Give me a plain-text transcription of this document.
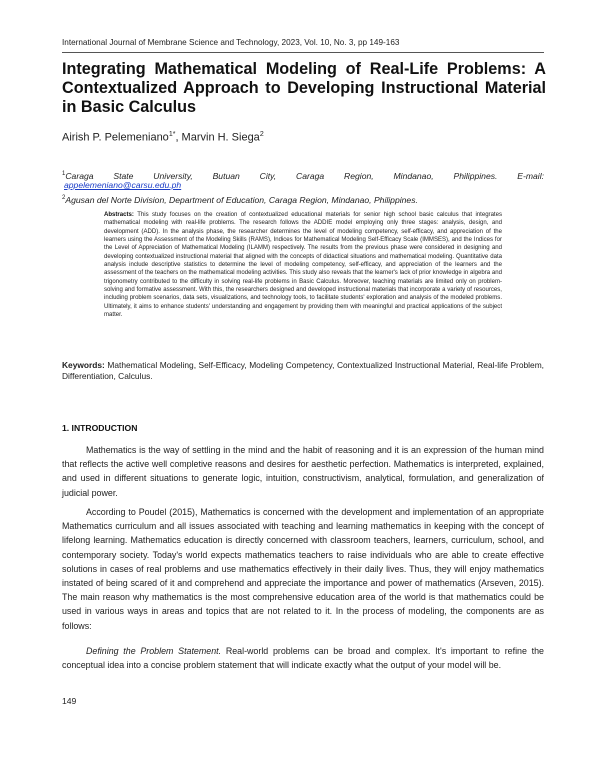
International Journal of Membrane Science and Technology, 2023, Vol. 10, No. 3, pp 149-163
Integrating Mathematical Modeling of Real-Life Problems: A Contextualized Approach to Developing Instructional Material in Basic Calculus
Airish P. Pelemeniano$^{1*}$, Marvin H. Siega$^2$
$^1$Caraga State University, Butuan City, Caraga Region, Mindanao, Philippines. E-mail:
appelemeniano@carsu.edu.ph
$^2$Agusan del Norte Division, Department of Education, Caraga Region, Mindanao, Philippines.
Abstracts: This study focuses on the creation of contextualized educational materials for senior high school basic calculus that integrates mathematical modeling with real-life problems. The research follows the ADDIE model employing only three stages: analysis, design, and development (ADD). In the analysis phase, the researcher determines the level of modeling competency, self-efficacy, and appreciation of the learners using the Assessment of the Modeling Skills (RAMS), Indices for Mathematical Modeling Self-Efficacy Scale (IMMSES), and the Indices for the Level of Appreciation of Mathematical Modeling (ILAMM) respectively. The results from the previous phase were considered in designing and developing contextualized instructional material that aligned with the concepts of didactical situations and mathematical modeling. Quantitative data analysis include descriptive statistics to determine the level of modeling competency, self-efficacy, and appreciation of the learners and the assessment of the teachers on the mathematical modeling activities. This study also reveals that the learner's lack of prior knowledge in algebra and trigonometry contributed to the difficulty in solving real-life problems in Basic Calculus. Moreover, teaching materials are limited only on problem-solving and formative assessment. With this, the researchers designed and developed instructional materials that incorporate a variety of resources, including problem scenarios, data sets, visualizations, and technology tools, to facilitate students' exploration and analysis of the modeled problems. Ultimately, it aims to enhance students' understanding and engagement by providing them with meaningful and practical applications of the subject matter.
Keywords: Mathematical Modeling, Self-Efficacy, Modeling Competency, Contextualized Instructional Material, Real-life Problem, Differentiation, Calculus.
1. INTRODUCTION
Mathematics is the way of settling in the mind and the habit of reasoning and it is an expression of the human mind that reflects the active well completive reasons and desires for aesthetic perfection. Mathematics is interpreted, explained, and used in different situations to generate logic, intuition, constructivism, analytical, formulation, and generalization of judicial power.
According to Poudel (2015), Mathematics is concerned with the development and implementation of an appropriate Mathematics curriculum and all issues associated with teaching and learning mathematics in keeping with the concept of lifelong learning. Mathematics education is directly concerned with classroom teachers, learners, curriculum, school, and contemporary society. Today's world expects mathematics teachers to raise individuals who are able to create effective solutions in cases of real problems and use mathematics effectively in their daily lives. Thus, they will enjoy mathematics instated of being scared of it and comprehend and appreciate the importance and power of mathematics (Arseven, 2015). The main reason why mathematics is the most comprehensive education area of the world is that mathematics could be used in various ways in areas and topics that are not related to it. In the process of modeling, the components are as follows:
Defining the Problem Statement. Real-world problems can be broad and complex. It's important to refine the conceptual idea into a concise problem statement that will indicate exactly what the output of your model will be.
149
